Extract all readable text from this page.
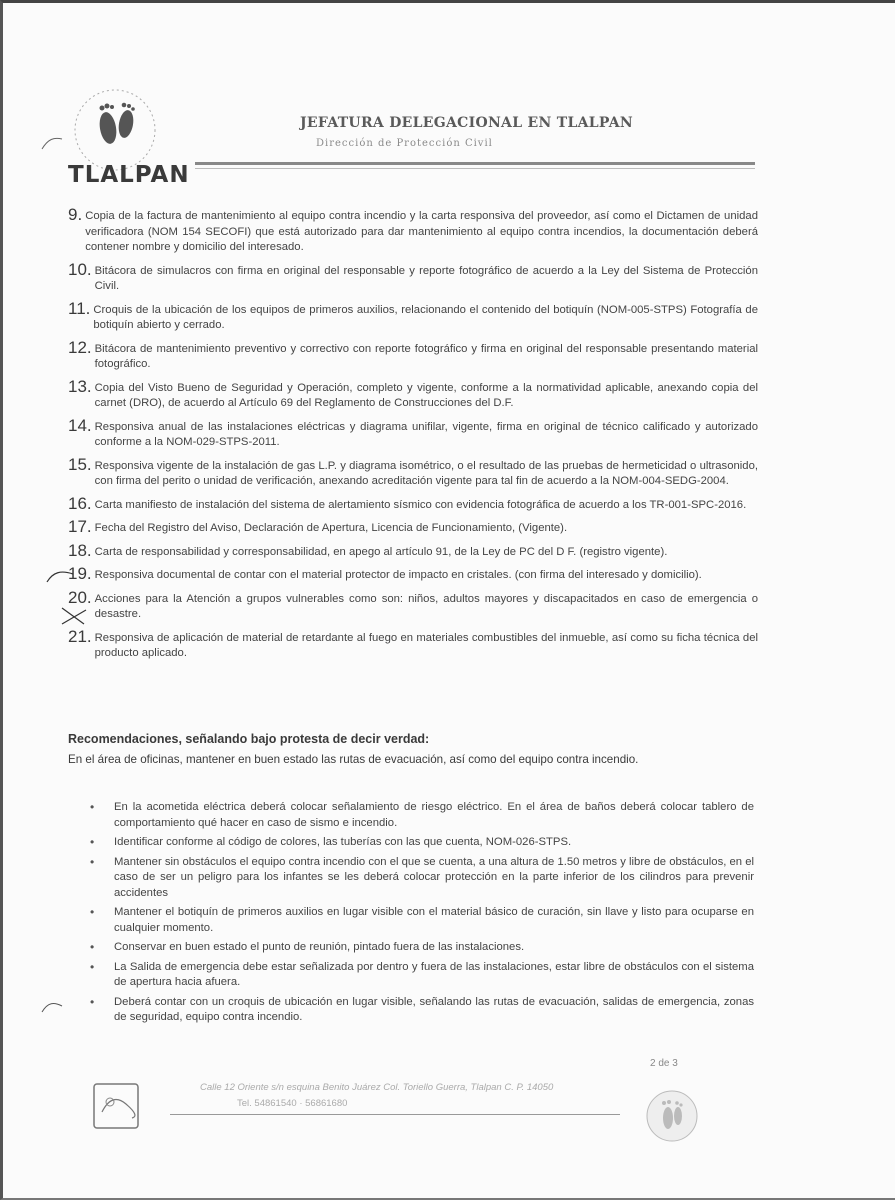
TLALPAN
JEFATURA DELEGACIONAL EN TLALPAN
Dirección de Protección Civil
9. Copia de la factura de mantenimiento al equipo contra incendio y la carta responsiva del proveedor, así como el Dictamen de unidad verificadora (NOM 154 SECOFI) que está autorizado para dar mantenimiento al equipo contra incendios, la documentación deberá contener nombre y domicilio del interesado.
10. Bitácora de simulacros con firma en original del responsable y reporte fotográfico de acuerdo a la Ley del Sistema de Protección Civil.
11. Croquis de la ubicación de los equipos de primeros auxilios, relacionando el contenido del botiquín (NOM-005-STPS) Fotografía de botiquín abierto y cerrado.
12. Bitácora de mantenimiento preventivo y correctivo con reporte fotográfico y firma en original del responsable presentando material fotográfico.
13. Copia del Visto Bueno de Seguridad y Operación, completo y vigente, conforme a la normatividad aplicable, anexando copia del carnet (DRO), de acuerdo al Artículo 69 del Reglamento de Construcciones del D.F.
14. Responsiva anual de las instalaciones eléctricas y diagrama unifilar, vigente, firma en original de técnico calificado y autorizado conforme a la NOM-029-STPS-2011.
15. Responsiva vigente de la instalación de gas L.P. y diagrama isométrico, o el resultado de las pruebas de hermeticidad o ultrasonido, con firma del perito o unidad de verificación, anexando acreditación vigente para tal fin de acuerdo a la NOM-004-SEDG-2004.
16. Carta manifiesto de instalación del sistema de alertamiento sísmico con evidencia fotográfica de acuerdo a los TR-001-SPC-2016.
17. Fecha del Registro del Aviso, Declaración de Apertura, Licencia de Funcionamiento, (Vigente).
18. Carta de responsabilidad y corresponsabilidad, en apego al artículo 91, de la Ley de PC del D F. (registro vigente).
19. Responsiva documental de contar con el material protector de impacto en cristales. (con firma del interesado y domicilio).
20. Acciones para la Atención a grupos vulnerables como son: niños, adultos mayores y discapacitados en caso de emergencia o desastre.
21. Responsiva de aplicación de material de retardante al fuego en materiales combustibles del inmueble, así como su ficha técnica del producto aplicado.
Recomendaciones, señalando bajo protesta de decir verdad:
En el área de oficinas, mantener en buen estado las rutas de evacuación, así como del equipo contra incendio.
•	En la acometida eléctrica deberá colocar señalamiento de riesgo eléctrico. En el área de baños deberá colocar tablero de comportamiento qué hacer en caso de sismo e incendio.
•	Identificar conforme al código de colores, las tuberías con las que cuenta, NOM-026-STPS.
•	Mantener sin obstáculos el equipo contra incendio con el que se cuenta, a una altura de 1.50 metros y libre de obstáculos, en el caso de ser un peligro para los infantes se les deberá colocar protección en la parte inferior de los cilindros para prevenir accidentes
•	Mantener el botiquín de primeros auxilios en lugar visible con el material básico de curación, sin llave y listo para ocuparse en cualquier momento.
•	Conservar en buen estado el punto de reunión, pintado fuera de las instalaciones.
•	La Salida de emergencia debe estar señalizada por dentro y fuera de las instalaciones, estar libre de obstáculos con el sistema de apertura hacia afuera.
•	Deberá contar con un croquis de ubicación en lugar visible, señalando las rutas de evacuación, salidas de emergencia, zonas de seguridad, equipo contra incendio.
2 de 3
Calle 12 Oriente s/n esquina Benito Juárez Col. Toriello Guerra, Tlalpan C. P. 14050
Tel. 54861540 · 56861680
